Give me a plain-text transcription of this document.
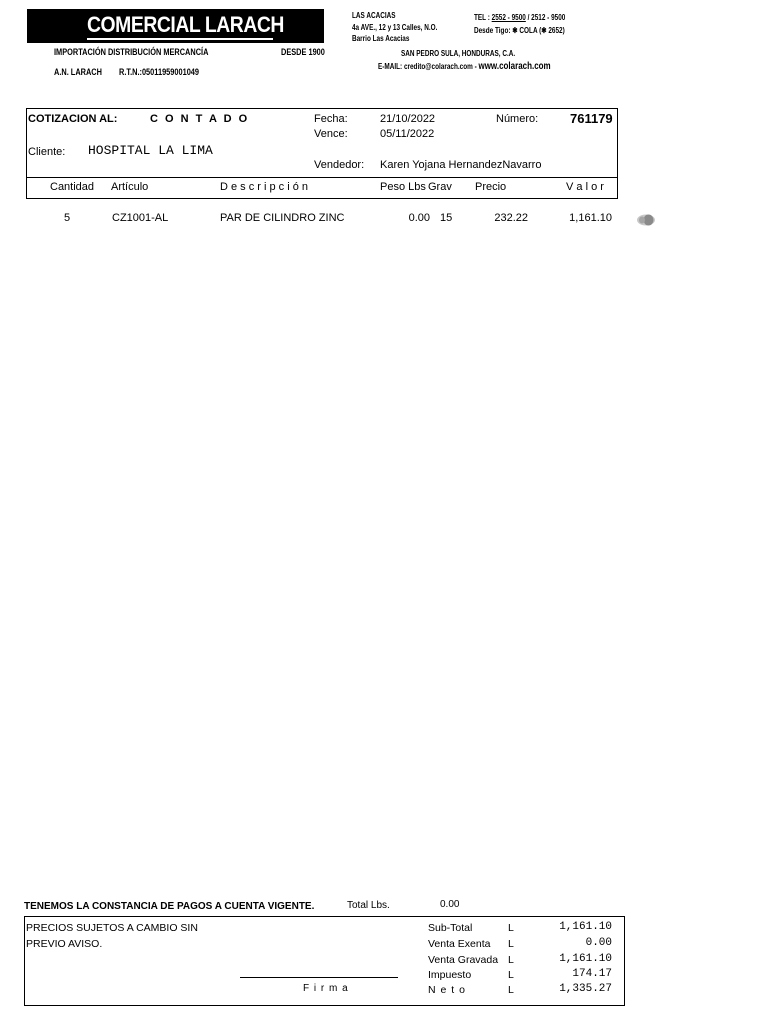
COMERCIAL LARACH
IMPORTACIÓN DISTRIBUCIÓN MERCANCÍA	DESDE 1900
A.N. LARACH R.T.N.:05011959001049
LAS ACACIAS
4a AVE., 12 y 13 Calles, N.O.
Barrio Las Acacias
TEL : 2552 - 9500 / 2512 - 9500
Desde Tigo: ✱ COLA (✱ 2652)
SAN PEDRO SULA, HONDURAS, C.A.
E-MAIL: credito@colarach.com - www.colarach.com
COTIZACION AL:	C O N T A D O	Fecha:	21/10/2022
Vence:	05/11/2022
Número: 761179
Cliente: HOSPITAL LA LIMA
Vendedor: Karen Yojana HernandezNavarro
Cantidad Artículo	D e s c r i p c i ó n	Peso Lbs Grav Precio	V a l o r
5	CZ1001-AL	PAR DE CILINDRO ZINC	0.00 15	232.22	1,161.10
TENEMOS LA CONSTANCIA DE PAGOS A CUENTA VIGENTE.	Total Lbs.	0.00
PRECIOS SUJETOS A CAMBIO SIN
PREVIO AVISO.
F i r m a
Sub-Total	L	1,161.10
Venta Exenta L	0.00
Venta Gravada L	1,161.10
Impuesto	L	174.17
N e t o	L	1,335.27
